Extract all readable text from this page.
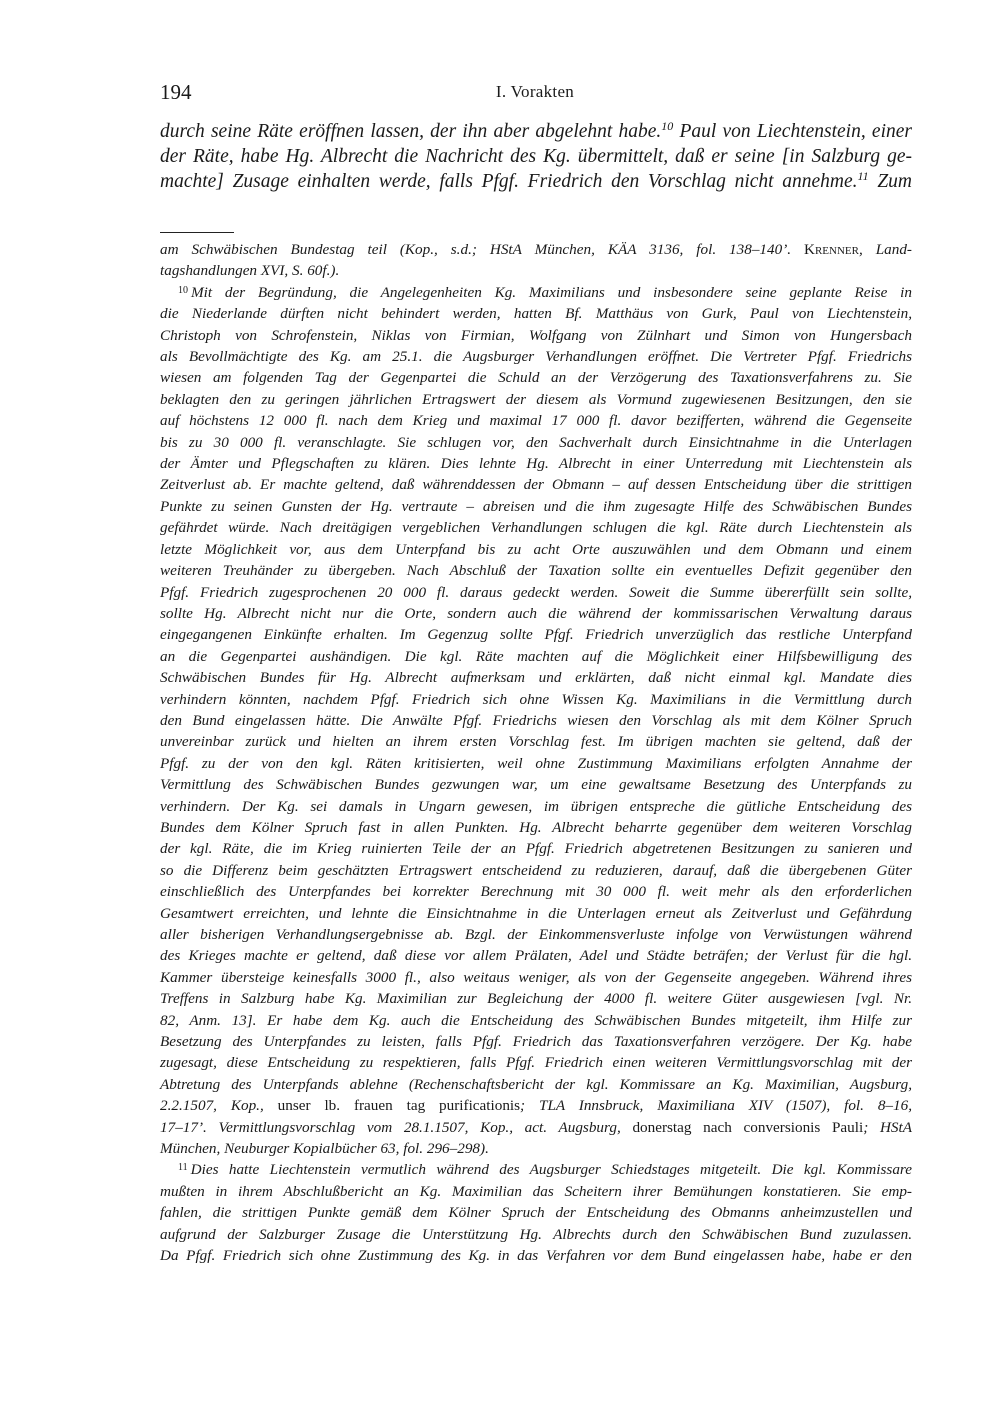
194	I. Vorakten
durch seine Räte eröffnen lassen, der ihn aber abgelehnt habe.$^{10}$ Paul von Liechtenstein, einer
der Räte, habe Hg. Albrecht die Nachricht des Kg. übermittelt, daß er seine [in Salzburg ge-
machte] Zusage einhalten werde, falls Pfgf. Friedrich den Vorschlag nicht annehme.$^{11}$ Zum
am Schwäbischen Bundestag teil (Kop., s.d.; HStA München, KÄA 3136, fol. 138–140’. Krenner, Land-
tagshandlungen XVI, S. 60f.).
$^{10}$ Mit der Begründung, die Angelegenheiten Kg. Maximilians und insbesondere seine geplante Reise in
die Niederlande dürften nicht behindert werden, hatten Bf. Matthäus von Gurk, Paul von Liechtenstein,
Christoph von Schrofenstein, Niklas von Firmian, Wolfgang von Zülnhart und Simon von Hungersbach
als Bevollmächtigte des Kg. am 25.1. die Augsburger Verhandlungen eröffnet. Die Vertreter Pfgf. Friedrichs
wiesen am folgenden Tag der Gegenpartei die Schuld an der Verzögerung des Taxationsverfahrens zu. Sie
beklagten den zu geringen jährlichen Ertragswert der diesem als Vormund zugewiesenen Besitzungen, den sie
auf höchstens 12 000 fl. nach dem Krieg und maximal 17 000 fl. davor bezifferten, während die Gegenseite
bis zu 30 000 fl. veranschlagte. Sie schlugen vor, den Sachverhalt durch Einsichtnahme in die Unterlagen
der Ämter und Pflegschaften zu klären. Dies lehnte Hg. Albrecht in einer Unterredung mit Liechtenstein als
Zeitverlust ab. Er machte geltend, daß währenddessen der Obmann – auf dessen Entscheidung über die strittigen
Punkte zu seinen Gunsten der Hg. vertraute – abreisen und die ihm zugesagte Hilfe des Schwäbischen Bundes
gefährdet würde. Nach dreitägigen vergeblichen Verhandlungen schlugen die kgl. Räte durch Liechtenstein als
letzte Möglichkeit vor, aus dem Unterpfand bis zu acht Orte auszuwählen und dem Obmann und einem
weiteren Treuhänder zu übergeben. Nach Abschluß der Taxation sollte ein eventuelles Defizit gegenüber den
Pfgf. Friedrich zugesprochenen 20 000 fl. daraus gedeckt werden. Soweit die Summe übererfüllt sein sollte,
sollte Hg. Albrecht nicht nur die Orte, sondern auch die während der kommissarischen Verwaltung daraus
eingegangenen Einkünfte erhalten. Im Gegenzug sollte Pfgf. Friedrich unverzüglich das restliche Unterpfand
an die Gegenpartei aushändigen. Die kgl. Räte machten auf die Möglichkeit einer Hilfsbewilligung des
Schwäbischen Bundes für Hg. Albrecht aufmerksam und erklärten, daß nicht einmal kgl. Mandate dies
verhindern könnten, nachdem Pfgf. Friedrich sich ohne Wissen Kg. Maximilians in die Vermittlung durch
den Bund eingelassen hätte. Die Anwälte Pfgf. Friedrichs wiesen den Vorschlag als mit dem Kölner Spruch
unvereinbar zurück und hielten an ihrem ersten Vorschlag fest. Im übrigen machten sie geltend, daß der
Pfgf. zu der von den kgl. Räten kritisierten, weil ohne Zustimmung Maximilians erfolgten Annahme der
Vermittlung des Schwäbischen Bundes gezwungen war, um eine gewaltsame Besetzung des Unterpfands zu
verhindern. Der Kg. sei damals in Ungarn gewesen, im übrigen entspreche die gütliche Entscheidung des
Bundes dem Kölner Spruch fast in allen Punkten. Hg. Albrecht beharrte gegenüber dem weiteren Vorschlag
der kgl. Räte, die im Krieg ruinierten Teile der an Pfgf. Friedrich abgetretenen Besitzungen zu sanieren und
so die Differenz beim geschätzten Ertragswert entscheidend zu reduzieren, darauf, daß die übergebenen Güter
einschließlich des Unterpfandes bei korrekter Berechnung mit 30 000 fl. weit mehr als den erforderlichen
Gesamtwert erreichten, und lehnte die Einsichtnahme in die Unterlagen erneut als Zeitverlust und Gefährdung
aller bisherigen Verhandlungsergebnisse ab. Bzgl. der Einkommensverluste infolge von Verwüstungen während
des Krieges machte er geltend, daß diese vor allem Prälaten, Adel und Städte beträfen; der Verlust für die hgl.
Kammer übersteige keinesfalls 3000 fl., also weitaus weniger, als von der Gegenseite angegeben. Während ihres
Treffens in Salzburg habe Kg. Maximilian zur Begleichung der 4000 fl. weitere Güter ausgewiesen [vgl. Nr.
82, Anm. 13]. Er habe dem Kg. auch die Entscheidung des Schwäbischen Bundes mitgeteilt, ihm Hilfe zur
Besetzung des Unterpfandes zu leisten, falls Pfgf. Friedrich das Taxationsverfahren verzögere. Der Kg. habe
zugesagt, diese Entscheidung zu respektieren, falls Pfgf. Friedrich einen weiteren Vermittlungsvorschlag mit der
Abtretung des Unterpfands ablehne (Rechenschaftsbericht der kgl. Kommissare an Kg. Maximilian, Augsburg,
2.2.1507, Kop., unser lb. frauen tag purificationis; TLA Innsbruck, Maximiliana XIV (1507), fol. 8–16,
17–17’. Vermittlungsvorschlag vom 28.1.1507, Kop., act. Augsburg, donerstag nach conversionis Pauli; HStA
München, Neuburger Kopialbücher 63, fol. 296–298).
$^{11}$ Dies hatte Liechtenstein vermutlich während des Augsburger Schiedstages mitgeteilt. Die kgl. Kommissare
mußten in ihrem Abschlußbericht an Kg. Maximilian das Scheitern ihrer Bemühungen konstatieren. Sie emp-
fahlen, die strittigen Punkte gemäß dem Kölner Spruch der Entscheidung des Obmanns anheimzustellen und
aufgrund der Salzburger Zusage die Unterstützung Hg. Albrechts durch den Schwäbischen Bund zuzulassen.
Da Pfgf. Friedrich sich ohne Zustimmung des Kg. in das Verfahren vor dem Bund eingelassen habe, habe er den
